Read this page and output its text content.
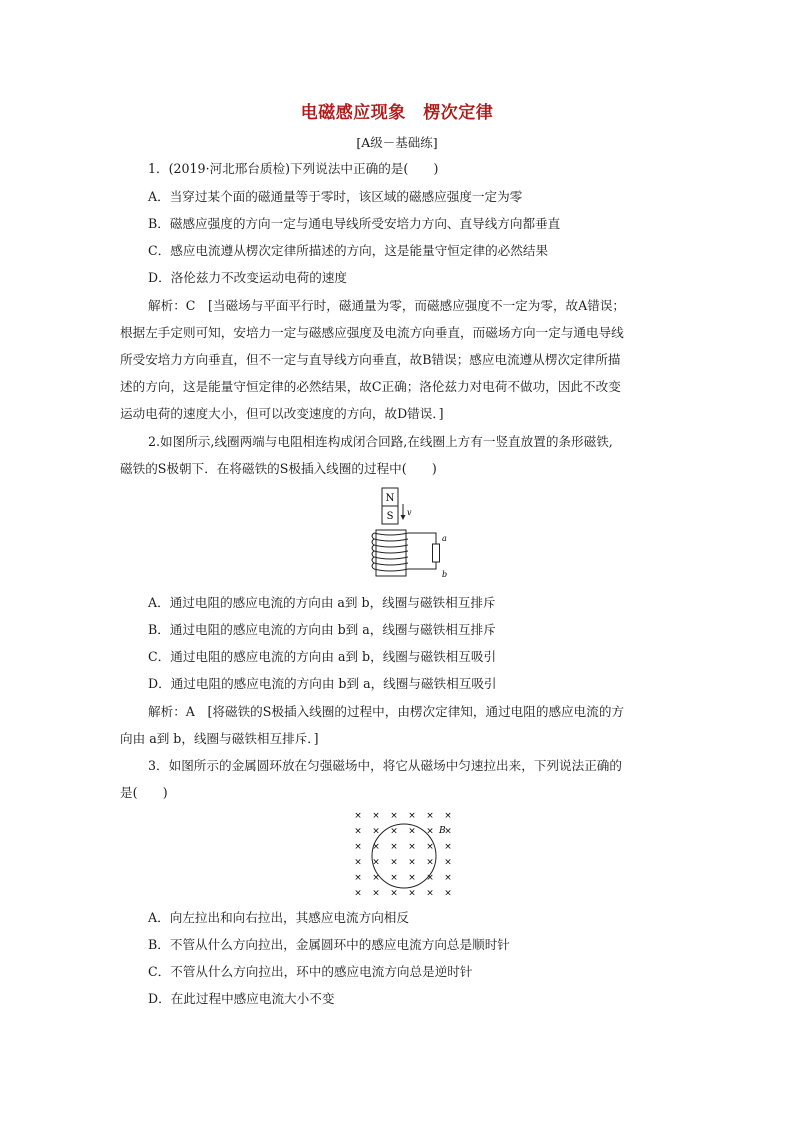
电磁感应现象　楞次定律
[A级－基础练]
1．(2019·河北邢台质检)下列说法中正确的是(　　)
A．当穿过某个面的磁通量等于零时，该区域的磁感应强度一定为零
B．磁感应强度的方向一定与通电导线所受安培力方向、直导线方向都垂直
C．感应电流遵从楞次定律所描述的方向，这是能量守恒定律的必然结果
D．洛伦兹力不改变运动电荷的速度
解析：C　[当磁场与平面平行时，磁通量为零，而磁感应强度不一定为零，故A错误；
根据左手定则可知，安培力一定与磁感应强度及电流方向垂直，而磁场方向一定与通电导线
所受安培力方向垂直，但不一定与直导线方向垂直，故B错误；感应电流遵从楞次定律所描
述的方向，这是能量守恒定律的必然结果，故C正确；洛伦兹力对电荷不做功，因此不改变
运动电荷的速度大小，但可以改变速度的方向，故D错误．]
2.如图所示,线圈两端与电阻相连构成闭合回路,在线圈上方有一竖直放置的条形磁铁,
磁铁的S极朝下．在将磁铁的S极插入线圈的过程中(　　)
N
S v
a
b
A．通过电阻的感应电流的方向由 a到 b，线圈与磁铁相互排斥
B．通过电阻的感应电流的方向由 b到 a，线圈与磁铁相互排斥
C．通过电阻的感应电流的方向由 a到 b，线圈与磁铁相互吸引
D．通过电阻的感应电流的方向由 b到 a，线圈与磁铁相互吸引
解析：A　[将磁铁的S极插入线圈的过程中，由楞次定律知，通过电阻的感应电流的方
向由 a到 b，线圈与磁铁相互排斥．]
3．如图所示的金属圆环放在匀强磁场中，将它从磁场中匀速拉出来，下列说法正确的
是(　　)
× × × × × ×
× × × × × ×
× × × × × ×
× × × × × ×
× × × × × ×
× × × × × ×
B
A．向左拉出和向右拉出，其感应电流方向相反
B．不管从什么方向拉出，金属圆环中的感应电流方向总是顺时针
C．不管从什么方向拉出，环中的感应电流方向总是逆时针
D．在此过程中感应电流大小不变
